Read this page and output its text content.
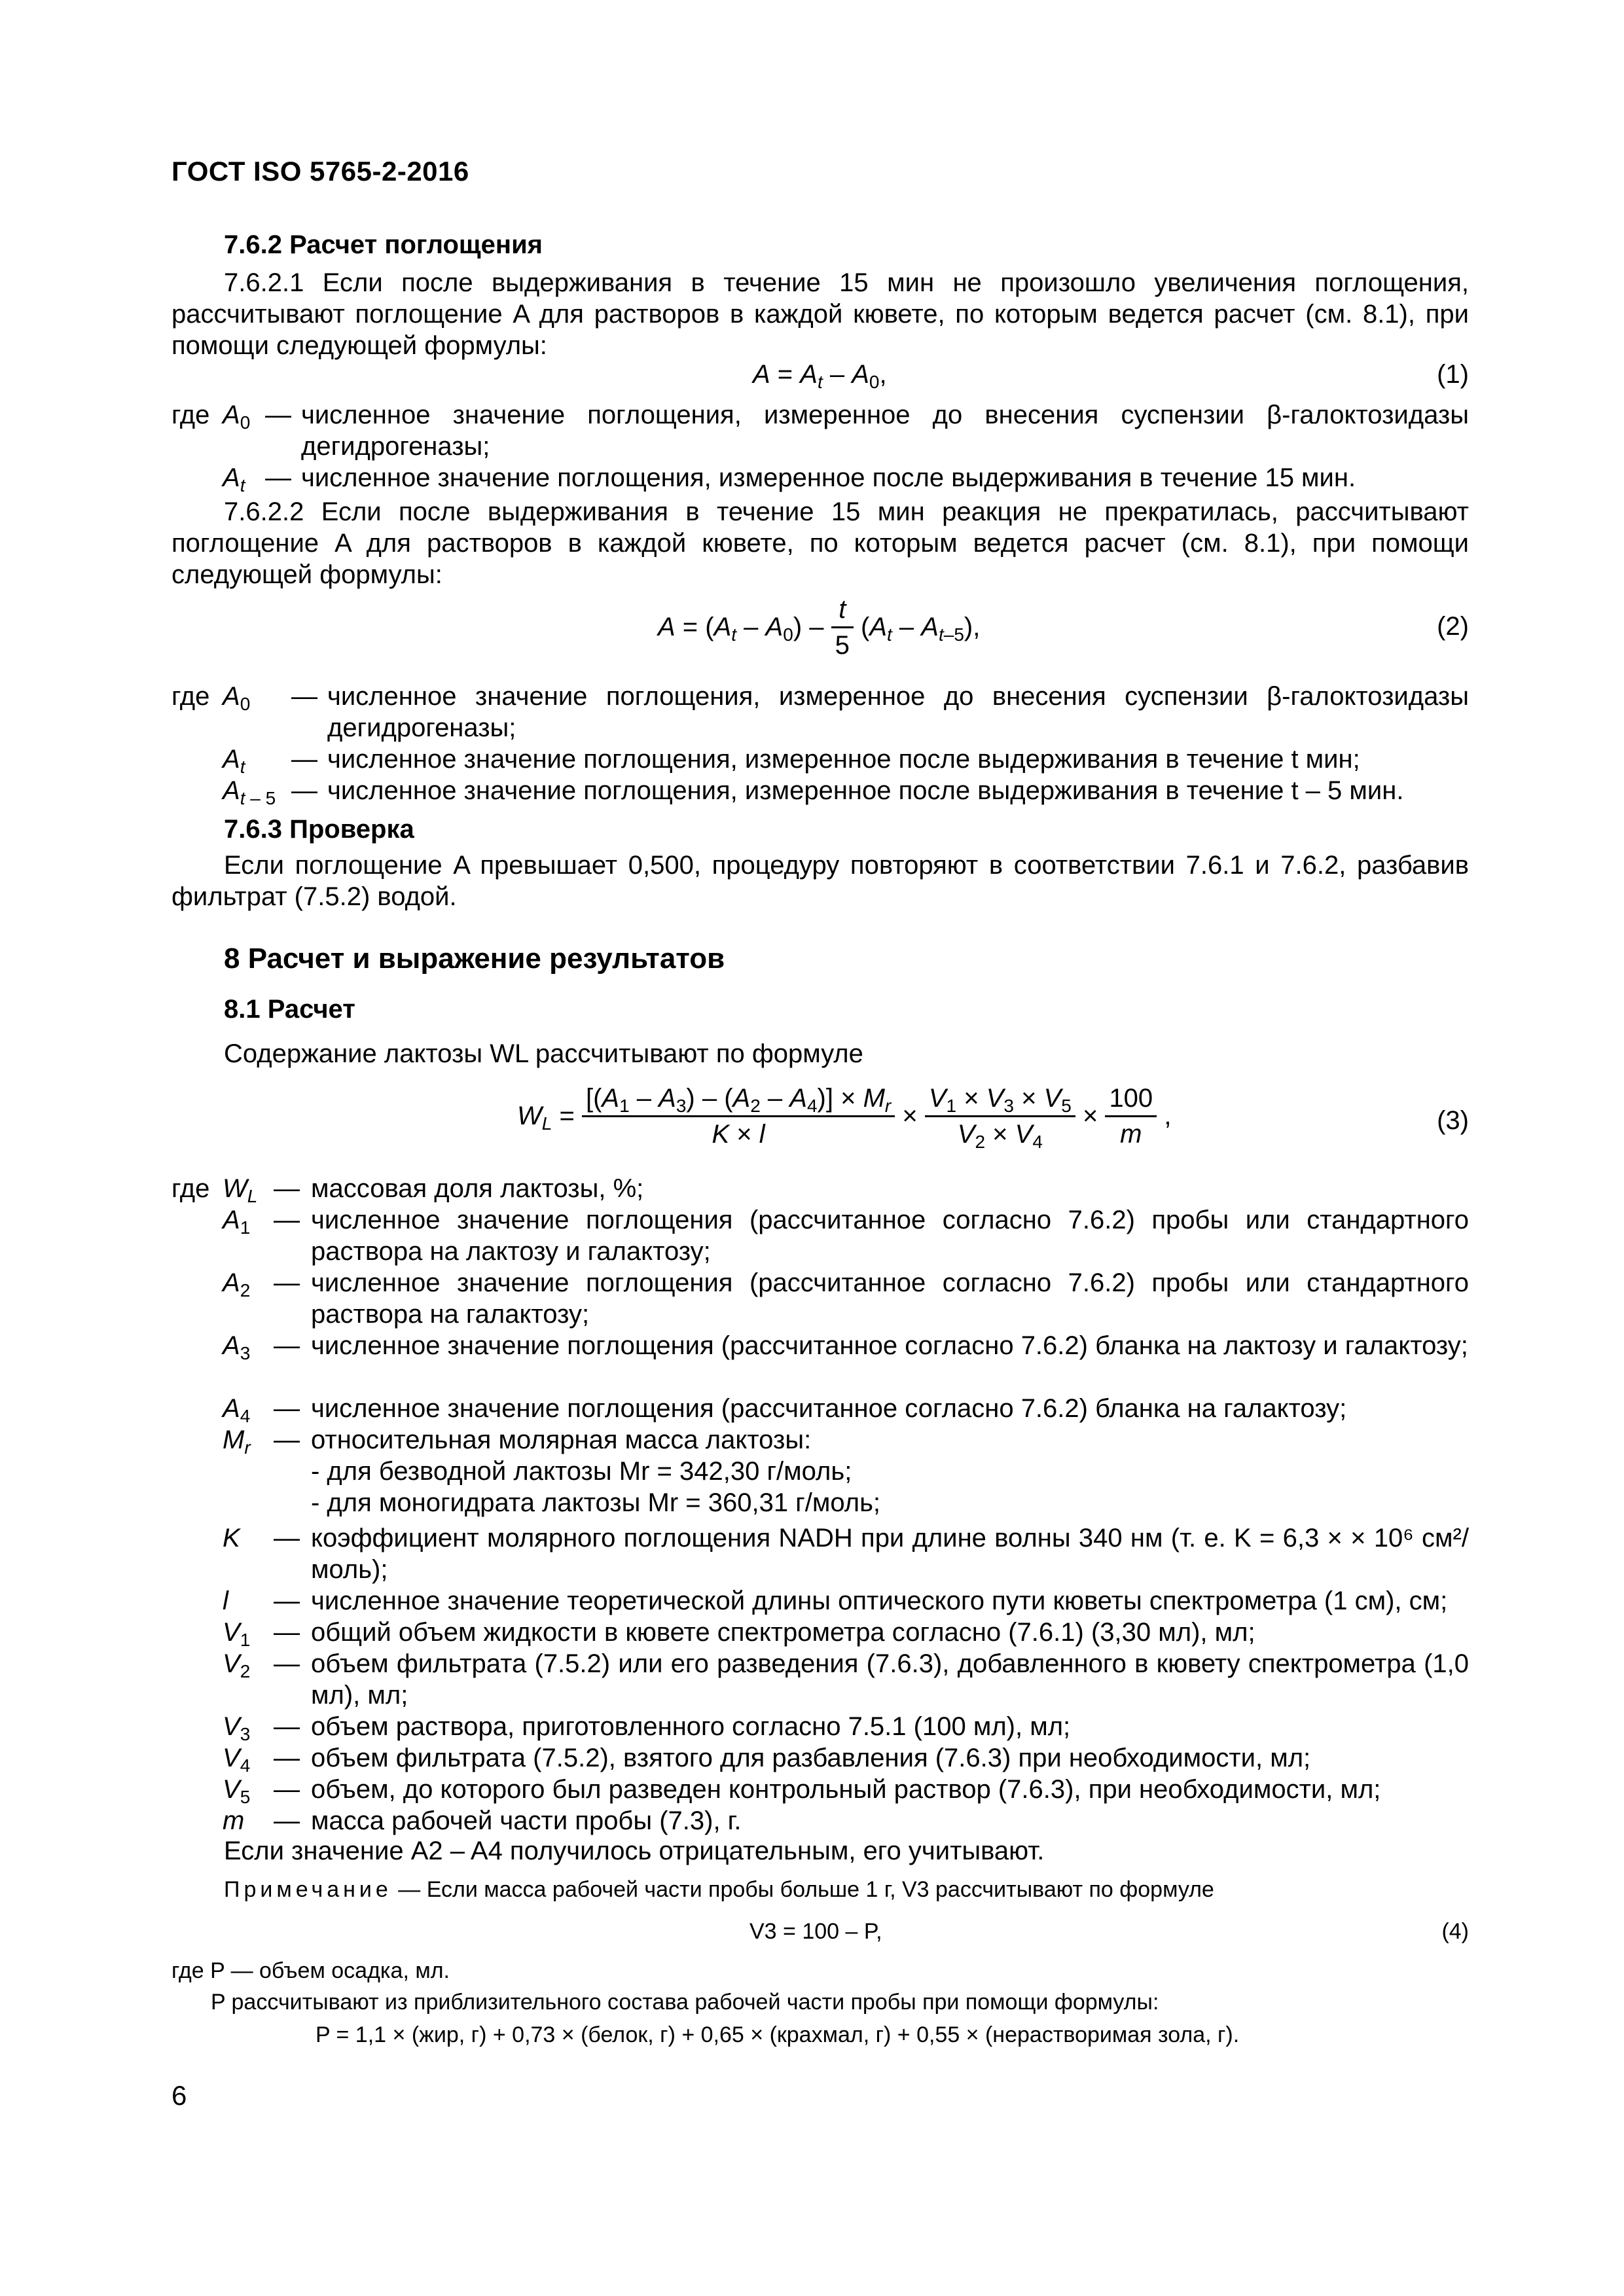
ГОСТ ISO 5765-2-2016
7.6.2 Расчет поглощения
7.6.2.1 Если после выдерживания в течение 15 мин не произошло увеличения поглощения, рассчитывают поглощение A для растворов в каждой кювете, по которым ведется расчет (см. 8.1), при помощи следующей формулы:
$A = A_t - A_0$,	(1)
где $A_0$ — численное значение поглощения, измеренное до внесения суспензии β-галоктозидазы дегидрогеназы;
$A_t$ — численное значение поглощения, измеренное после выдерживания в течение 15 мин.
7.6.2.2 Если после выдерживания в течение 15 мин реакция не прекратилась, рассчитывают поглощение A для растворов в каждой кювете, по которым ведется расчет (см. 8.1), при помощи следующей формулы:
$A = (A_t - A_0) - \frac{t}{5} (A_t - A_{t-5})$,	(2)
где $A_0$ — численное значение поглощения, измеренное до внесения суспензии β-галоктозидазы дегидрогеназы;
$A_t$ — численное значение поглощения, измеренное после выдерживания в течение t мин;
$A_{t - 5}$ — численное значение поглощения, измеренное после выдерживания в течение t – 5 мин.
7.6.3 Проверка
Если поглощение A превышает 0,500, процедуру повторяют в соответствии 7.6.1 и 7.6.2, разбавив фильтрат (7.5.2) водой.
8 Расчет и выражение результатов
8.1 Расчет
Содержание лактозы WL рассчитывают по формуле
$W_L = \frac{[(A_1 - A_3) - (A_2 - A_4)] \times M_r}{K \times l} \times \frac{V_1 \times V_3 \times V_5}{V_2 \times V_4} \times \frac{100}{m}$ ,	(3)
где $W_L$ — массовая доля лактозы, %;
$A_1$ — численное значение поглощения (рассчитанное согласно 7.6.2) пробы или стандартного раствора на лактозу и галактозу;
$A_2$ — численное значение поглощения (рассчитанное согласно 7.6.2) пробы или стандартного раствора на галактозу;
$A_3$ — численное значение поглощения (рассчитанное согласно 7.6.2) бланка на лактозу и галактозу;
$A_4$ — численное значение поглощения (рассчитанное согласно 7.6.2) бланка на галактозу;
$M_r$ — относительная молярная масса лактозы:
- для безводной лактозы Mr = 342,30 г/моль;
- для моногидрата лактозы Mr = 360,31 г/моль;
K — коэффициент молярного поглощения NADH при длине волны 340 нм (т. е. K = 6,3 × × 10⁶ см²/моль);
l — численное значение теоретической длины оптического пути кюветы спектрометра (1 см), см;
$V_1$ — общий объем жидкости в кювете спектрометра согласно (7.6.1) (3,30 мл), мл;
$V_2$ — объем фильтрата (7.5.2) или его разведения (7.6.3), добавленного в кювету спектрометра (1,0 мл), мл;
$V_3$ — объем раствора, приготовленного согласно 7.5.1 (100 мл), мл;
$V_4$ — объем фильтрата (7.5.2), взятого для разбавления (7.6.3) при необходимости, мл;
$V_5$ — объем, до которого был разведен контрольный раствор (7.6.3), при необходимости, мл;
m — масса рабочей части пробы (7.3), г.
Если значение A2 – A4 получилось отрицательным, его учитывают.
Примечание — Если масса рабочей части пробы больше 1 г, V3 рассчитывают по формуле
V3 = 100 – P,	(4)
где P — объем осадка, мл.
P рассчитывают из приблизительного состава рабочей части пробы при помощи формулы:
P = 1,1 × (жир, г) + 0,73 × (белок, г) + 0,65 × (крахмал, г) + 0,55 × (нерастворимая зола, г).
6
